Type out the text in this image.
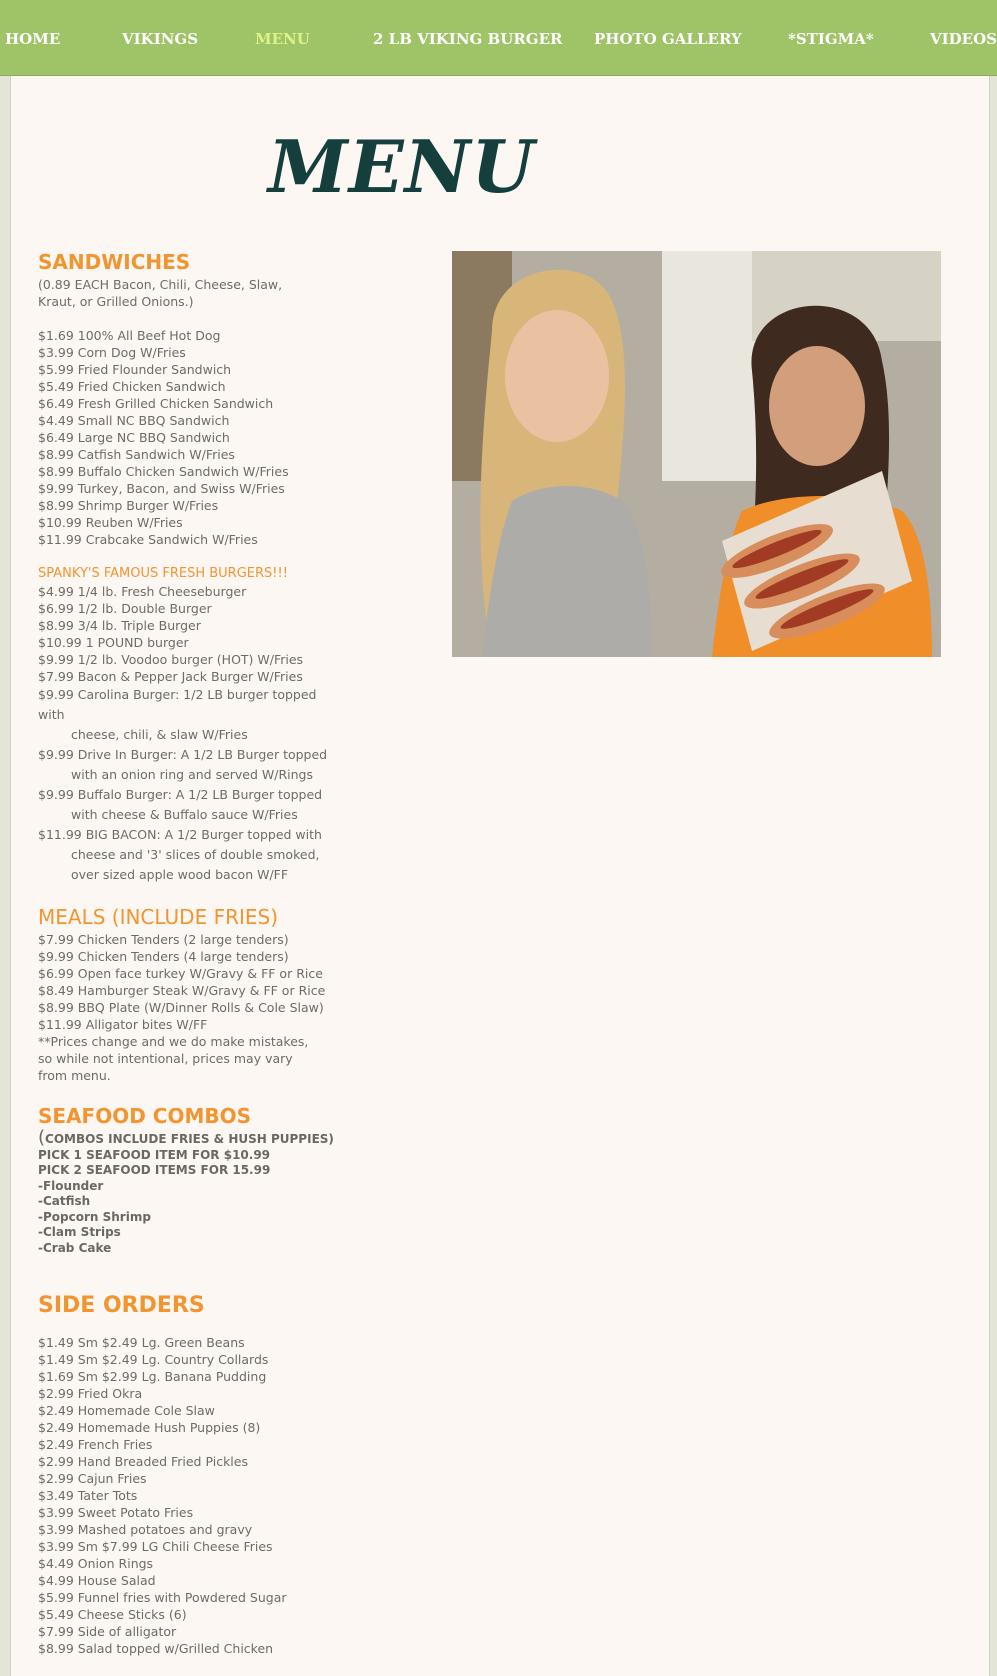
HOME	VIKINGS	MENU	2 LB VIKING BURGER PHOTO GALLERY	*STIGMA*	VIDEOS
MENU
SANDWICHES
(0.89 EACH Bacon, Chili, Cheese, Slaw, Kraut, or Grilled Onions.)
$1.69 100% All Beef Hot Dog
$3.99 Corn Dog W/Fries
$5.99 Fried Flounder Sandwich
$5.49 Fried Chicken Sandwich
$6.49 Fresh Grilled Chicken Sandwich
$4.49 Small NC BBQ Sandwich
$6.49 Large NC BBQ Sandwich
$8.99 Catfish Sandwich W/Fries
$8.99 Buffalo Chicken Sandwich W/Fries
$9.99 Turkey, Bacon, and Swiss W/Fries
$8.99 Shrimp Burger W/Fries
$10.99 Reuben W/Fries
$11.99 Crabcake Sandwich W/Fries
SPANKY'S FAMOUS FRESH BURGERS!!!
$4.99 1/4 lb. Fresh Cheeseburger
$6.99 1/2 lb. Double Burger
$8.99 3/4 lb. Triple Burger
$10.99 1 POUND burger
$9.99 1/2 lb. Voodoo burger (HOT) W/Fries
$7.99 Bacon & Pepper Jack Burger W/Fries
$9.99 Carolina Burger: 1/2 LB burger topped with
cheese, chili, & slaw W/Fries
$9.99 Drive In Burger: A 1/2 LB Burger topped
with an onion ring and served W/Rings
$9.99 Buffalo Burger: A 1/2 LB Burger topped
with cheese & Buffalo sauce W/Fries
$11.99 BIG BACON: A 1/2 Burger topped with
cheese and '3' slices of double smoked,
over sized apple wood bacon W/FF
MEALS (INCLUDE FRIES)
$7.99 Chicken Tenders (2 large tenders)
$9.99 Chicken Tenders (4 large tenders)
$6.99 Open face turkey W/Gravy & FF or Rice
$8.49 Hamburger Steak W/Gravy & FF or Rice
$8.99 BBQ Plate (W/Dinner Rolls & Cole Slaw)
$11.99 Alligator bites W/FF
**Prices change and we do make mistakes, so while not intentional, prices may vary from menu.
SEAFOOD COMBOS
(COMBOS INCLUDE FRIES & HUSH PUPPIES)
PICK 1 SEAFOOD ITEM FOR $10.99
PICK 2 SEAFOOD ITEMS FOR 15.99
-Flounder
-Catfish
-Popcorn Shrimp
-Clam Strips
-Crab Cake
SIDE ORDERS
$1.49 Sm $2.49 Lg. Green Beans
$1.49 Sm $2.49 Lg. Country Collards
$1.69 Sm $2.99 Lg. Banana Pudding
$2.99 Fried Okra
$2.49 Homemade Cole Slaw
$2.49 Homemade Hush Puppies (8)
$2.49 French Fries
$2.99 Hand Breaded Fried Pickles
$2.99 Cajun Fries
$3.49 Tater Tots
$3.99 Sweet Potato Fries
$3.99 Mashed potatoes and gravy
$3.99 Sm $7.99 LG Chili Cheese Fries
$4.49 Onion Rings
$4.99 House Salad
$5.99 Funnel fries with Powdered Sugar
$5.49 Cheese Sticks (6)
$7.99 Side of alligator
$8.99 Salad topped w/Grilled Chicken
